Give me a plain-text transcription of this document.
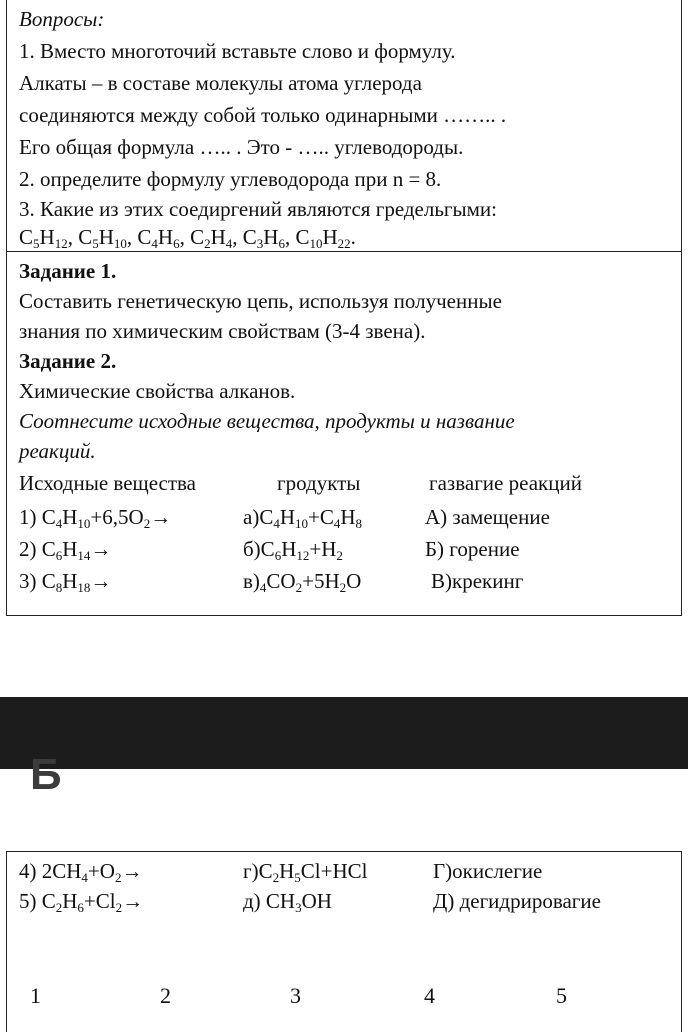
Вопросы:
1. Вместо многоточий вставьте слово и формулу.
Алкаты – в составе молекулы атома углерода
соединяются между собой только одинарными …….. .
Его общая формула ….. . Это - ….. углеводороды.
2. определите формулу углеводорода при n = 8.
3. Какие из этих соедиргений являются гредельгыми:
$C_5H_{12}$, $C_5H_{10}$, $C_4H_6$, $C_2H_4$, $C_3H_6$, $C_{10}H_{22}$.
Задание 1.
Составить генетическую цепь, используя полученные
знания по химическим свойствам (3-4 звена).
Задание 2.
Химические свойства алканов.
Соотнесите исходные вещества, продукты и название
реакций.
Исходные вещества	гродукты	газвагие реакций
1) $C_4H_{10}+6,5O_2\to$	$а)C_4H_{10}+C_4H_8$	А) замещение
2) $C_6H_{14}\to$	$б)C_6H_{12}+H_2$	Б) горение
3) $C_8H_{18}\to$	$в)_4CO_2+5H_2O$	В)крекинг
Б
4) $2CH_4+O_2\to$	$г)C_2H_5Cl+HCl$	Г)окислегие
5) $C_2H_6+Cl_2\to$	д) $CH_3OH$	Д) дегидрировагие
1	2	3	4	5
